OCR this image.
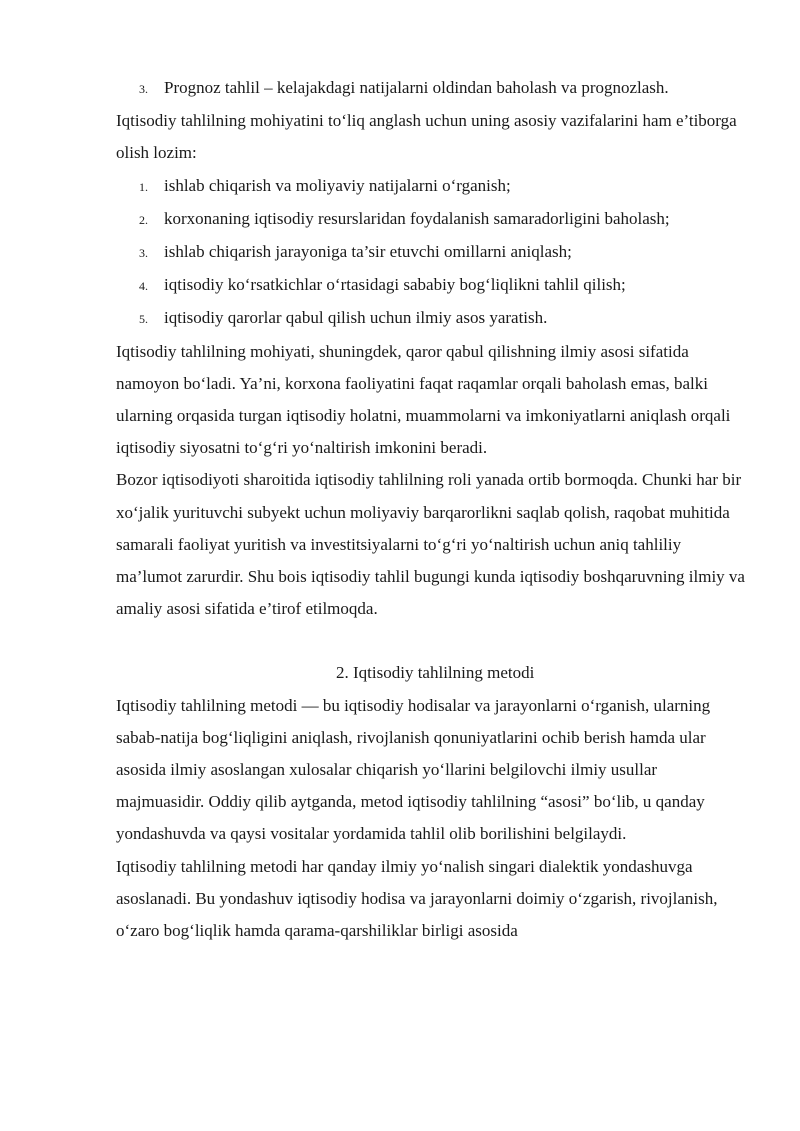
3. Prognoz tahlil – kelajakdagi natijalarni oldindan baholash va prognozlash.

Iqtisodiy tahlilning mohiyatini to‘liq anglash uchun uning asosiy vazifalarini ham e’tiborga olish lozim:

1. ishlab chiqarish va moliyaviy natijalarni o‘rganish;
2. korxonaning iqtisodiy resurslaridan foydalanish samaradorligini baholash;
3. ishlab chiqarish jarayoniga ta’sir etuvchi omillarni aniqlash;
4. iqtisodiy ko‘rsatkichlar o‘rtasidagi sababiy bog‘liqlikni tahlil qilish;
5. iqtisodiy qarorlar qabul qilish uchun ilmiy asos yaratish.

Iqtisodiy tahlilning mohiyati, shuningdek, qaror qabul qilishning ilmiy asosi sifatida namoyon bo‘ladi. Ya’ni, korxona faoliyatini faqat raqamlar orqali baholash emas, balki ularning orqasida turgan iqtisodiy holatni, muammolarni va imkoniyatlarni aniqlash orqali iqtisodiy siyosatni to‘g‘ri yo‘naltirish imkonini beradi.

Bozor iqtisodiyoti sharoitida iqtisodiy tahlilning roli yanada ortib bormoqda. Chunki har bir xo‘jalik yurituvchi subyekt uchun moliyaviy barqarorlikni saqlab qolish, raqobat muhitida samarali faoliyat yuritish va investitsiyalarni to‘g‘ri yo‘naltirish uchun aniq tahliliy ma’lumot zarurdir. Shu bois iqtisodiy tahlil bugungi kunda iqtisodiy boshqaruvning ilmiy va amaliy asosi sifatida e’tirof etilmoqda.

2. Iqtisodiy tahlilning metodi

Iqtisodiy tahlilning metodi — bu iqtisodiy hodisalar va jarayonlarni o‘rganish, ularning sabab-natija bog‘liqligini aniqlash, rivojlanish qonuniyatlarini ochib berish hamda ular asosida ilmiy asoslangan xulosalar chiqarish yo‘llarini belgilovchi ilmiy usullar majmuasidir. Oddiy qilib aytganda, metod iqtisodiy tahlilning “asosi” bo‘lib, u qanday yondashuvda va qaysi vositalar yordamida tahlil olib borilishini belgilaydi.

Iqtisodiy tahlilning metodi har qanday ilmiy yo‘nalish singari dialektik yondashuvga asoslanadi. Bu yondashuv iqtisodiy hodisa va jarayonlarni doimiy o‘zgarish, rivojlanish, o‘zaro bog‘liqlik hamda qarama-qarshiliklar birligi asosida
